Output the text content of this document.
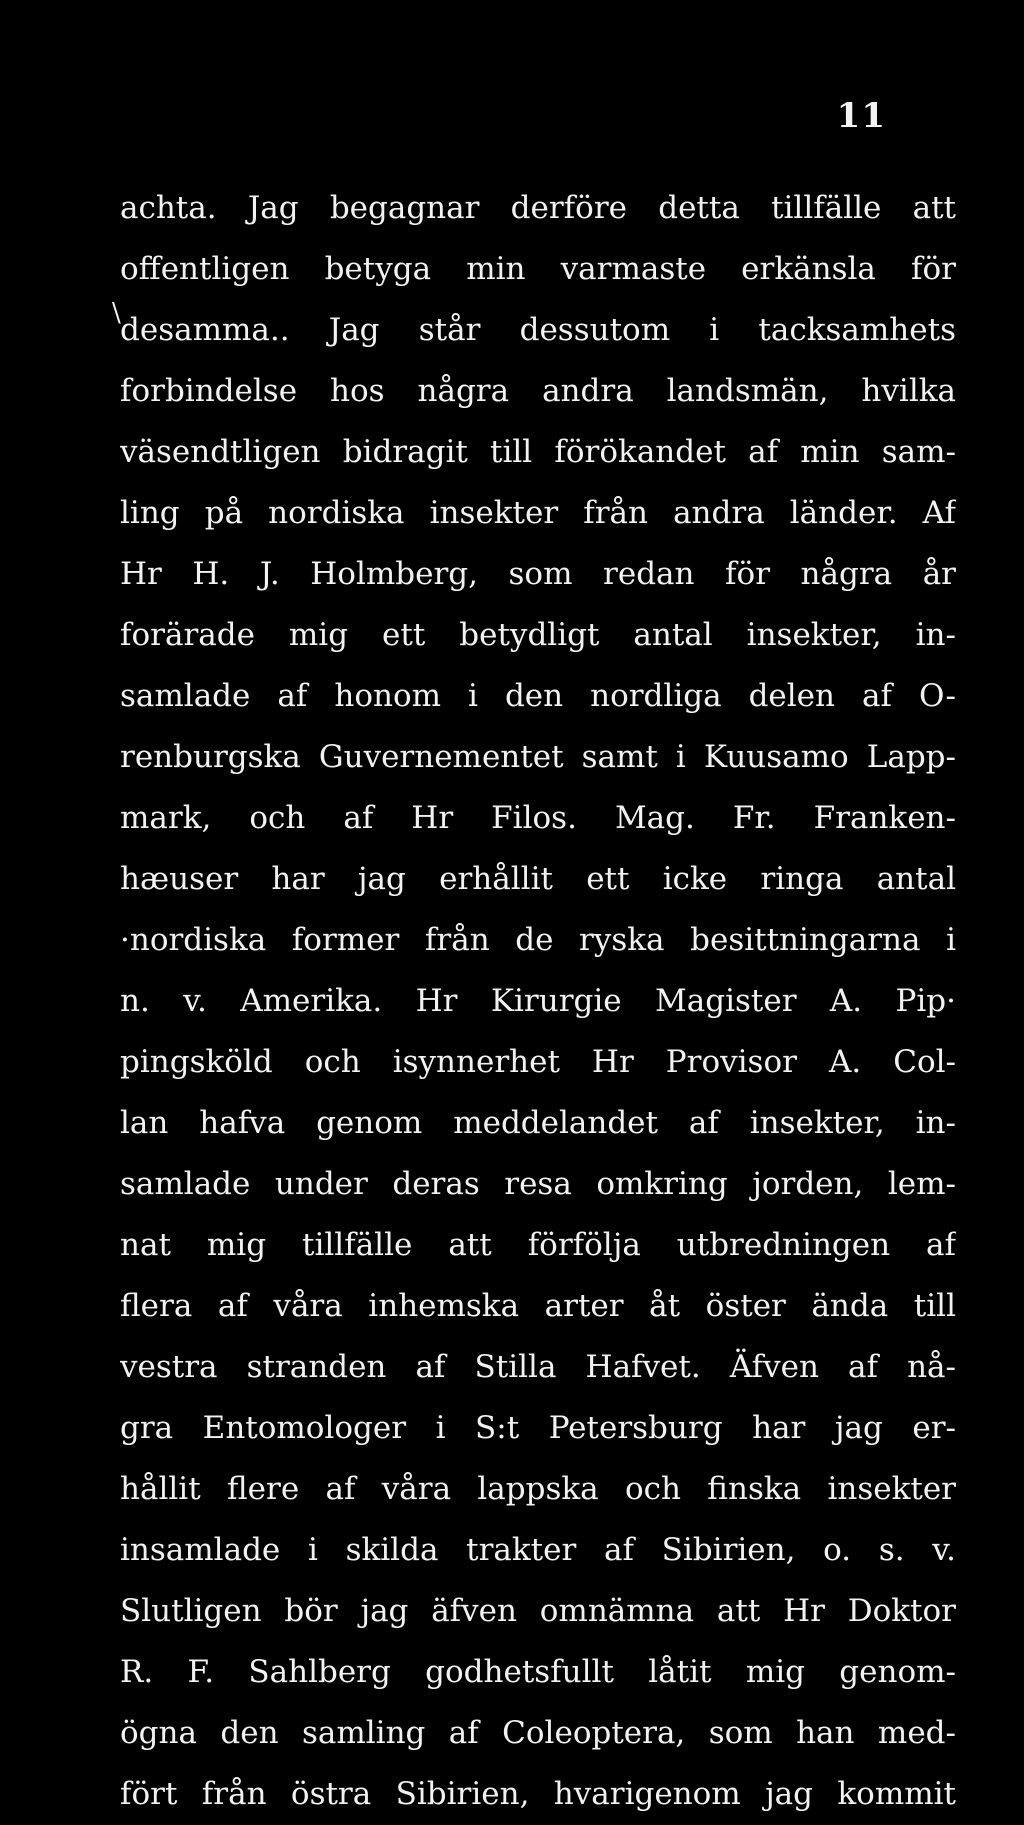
11
\
achta. Jag begagnar derföre detta tillfälle att
offentligen betyga min varmaste erkänsla för
desamma.. Jag står dessutom i tacksamhets
forbindelse hos några andra landsmän, hvilka
väsendtligen bidragit till förökandet af min sam-
ling på nordiska insekter från andra länder. Af
Hr H. J. Holmberg, som redan för några år
forärade mig ett betydligt antal insekter, in-
samlade af honom i den nordliga delen af O-
renburgska Guvernementet samt i Kuusamo Lapp-
mark, och af Hr Filos. Mag. Fr. Franken-
hæuser har jag erhållit ett icke ringa antal
·nordiska former från de ryska besittningarna i
n. v. Amerika. Hr Kirurgie Magister A. Pip·
pingsköld och isynnerhet Hr Provisor A. Col-
lan hafva genom meddelandet af insekter, in-
samlade under deras resa omkring jorden, lem-
nat mig tillfälle att förfölja utbredningen af
flera af våra inhemska arter åt öster ända till
vestra stranden af Stilla Hafvet. Äfven af nå-
gra Entomologer i S:t Petersburg har jag er-
hållit flere af våra lappska och finska insekter
insamlade i skilda trakter af Sibirien, o. s. v.
Slutligen bör jag äfven omnämna att Hr Doktor
R. F. Sahlberg godhetsfullt låtit mig genom-
ögna den samling af Coleoptera, som han med-
fört från östra Sibirien, hvarigenom jag kommit
